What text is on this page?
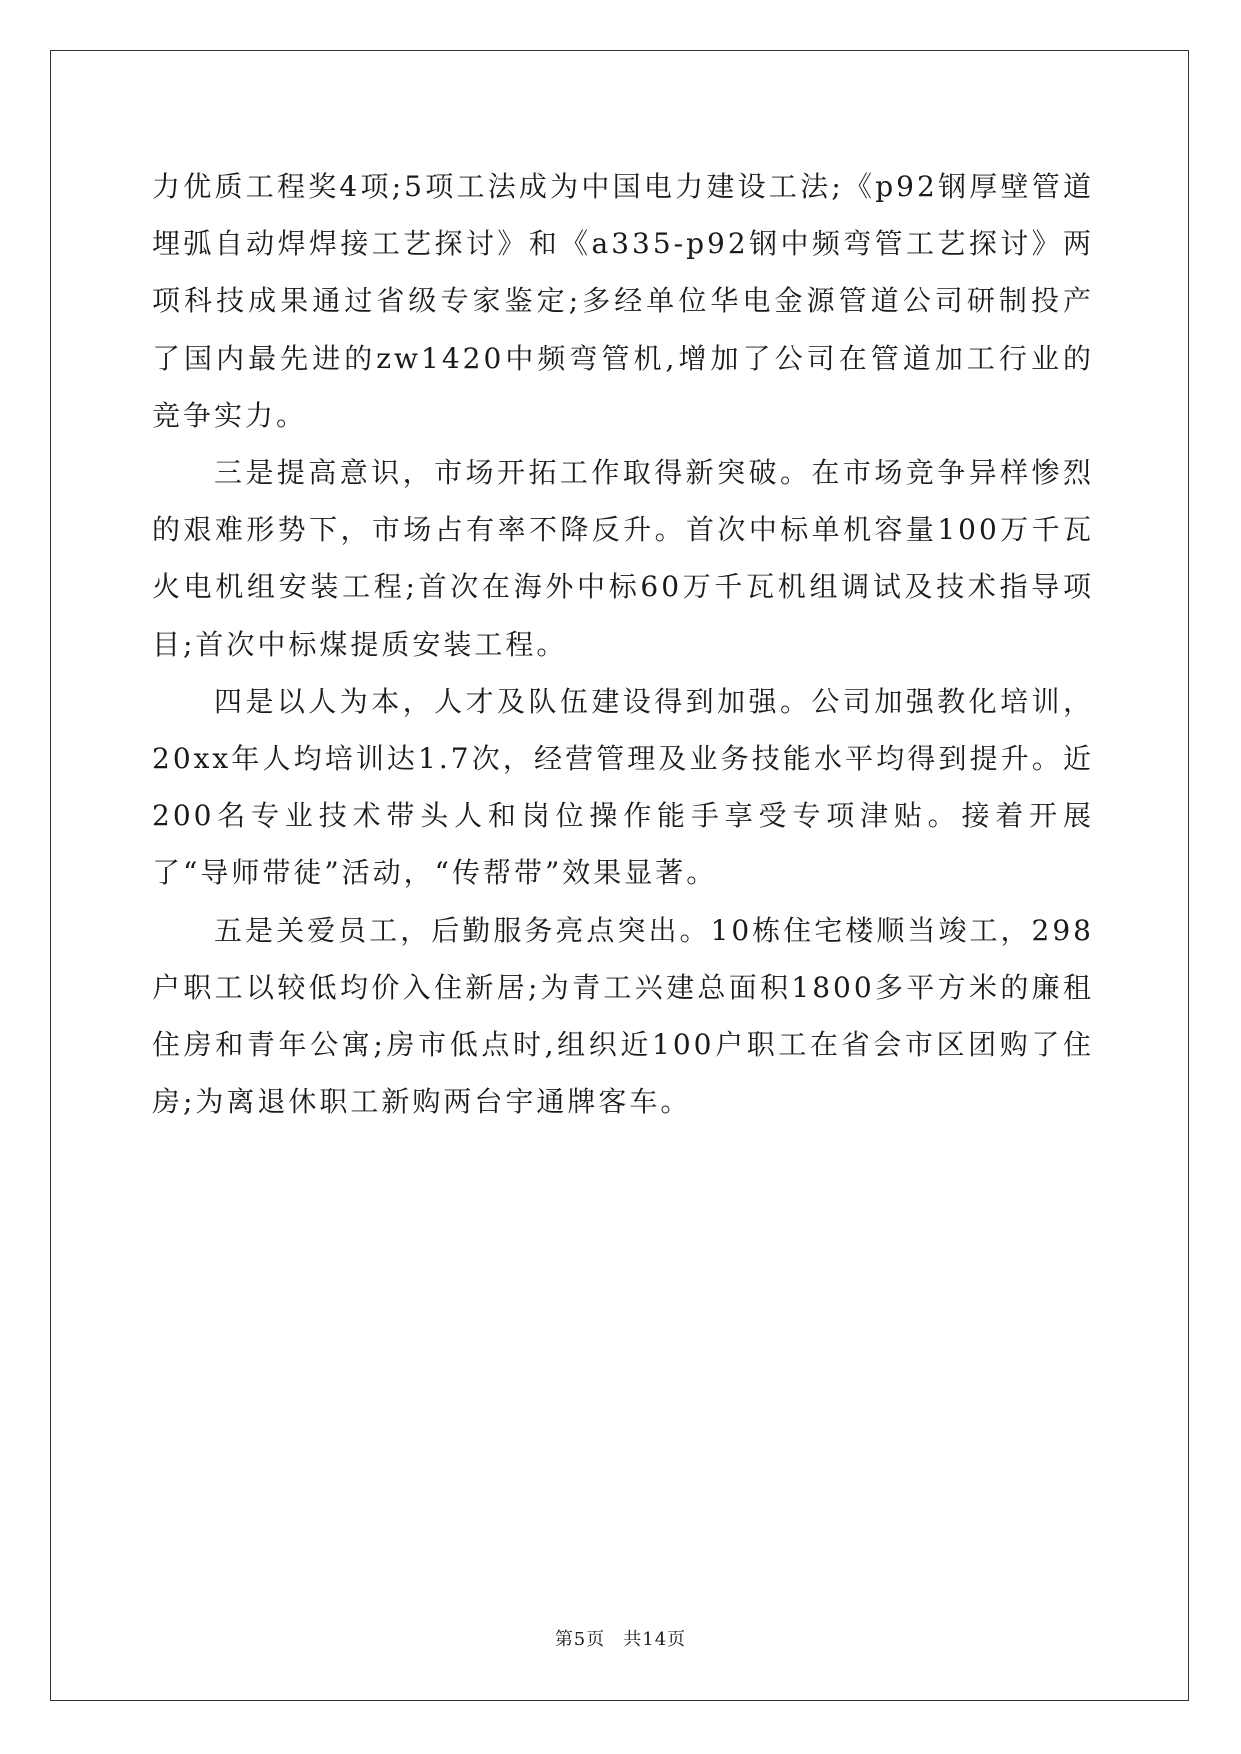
力优质工程奖4项;5项工法成为中国电力建设工法;《p92钢厚壁管道埋弧自动焊焊接工艺探讨》和《a335-p92钢中频弯管工艺探讨》两项科技成果通过省级专家鉴定;多经单位华电金源管道公司研制投产了国内最先进的zw1420中频弯管机,增加了公司在管道加工行业的竞争实力。

三是提高意识，市场开拓工作取得新突破。在市场竞争异样惨烈的艰难形势下，市场占有率不降反升。首次中标单机容量100万千瓦火电机组安装工程;首次在海外中标60万千瓦机组调试及技术指导项目;首次中标煤提质安装工程。

四是以人为本，人才及队伍建设得到加强。公司加强教化培训，20xx年人均培训达1.7次，经营管理及业务技能水平均得到提升。近200名专业技术带头人和岗位操作能手享受专项津贴。接着开展了“导师带徒”活动，“传帮带”效果显著。

五是关爱员工，后勤服务亮点突出。10栋住宅楼顺当竣工，298户职工以较低均价入住新居;为青工兴建总面积1800多平方米的廉租住房和青年公寓;房市低点时,组织近100户职工在省会市区团购了住房;为离退休职工新购两台宇通牌客车。

第5页 共14页
